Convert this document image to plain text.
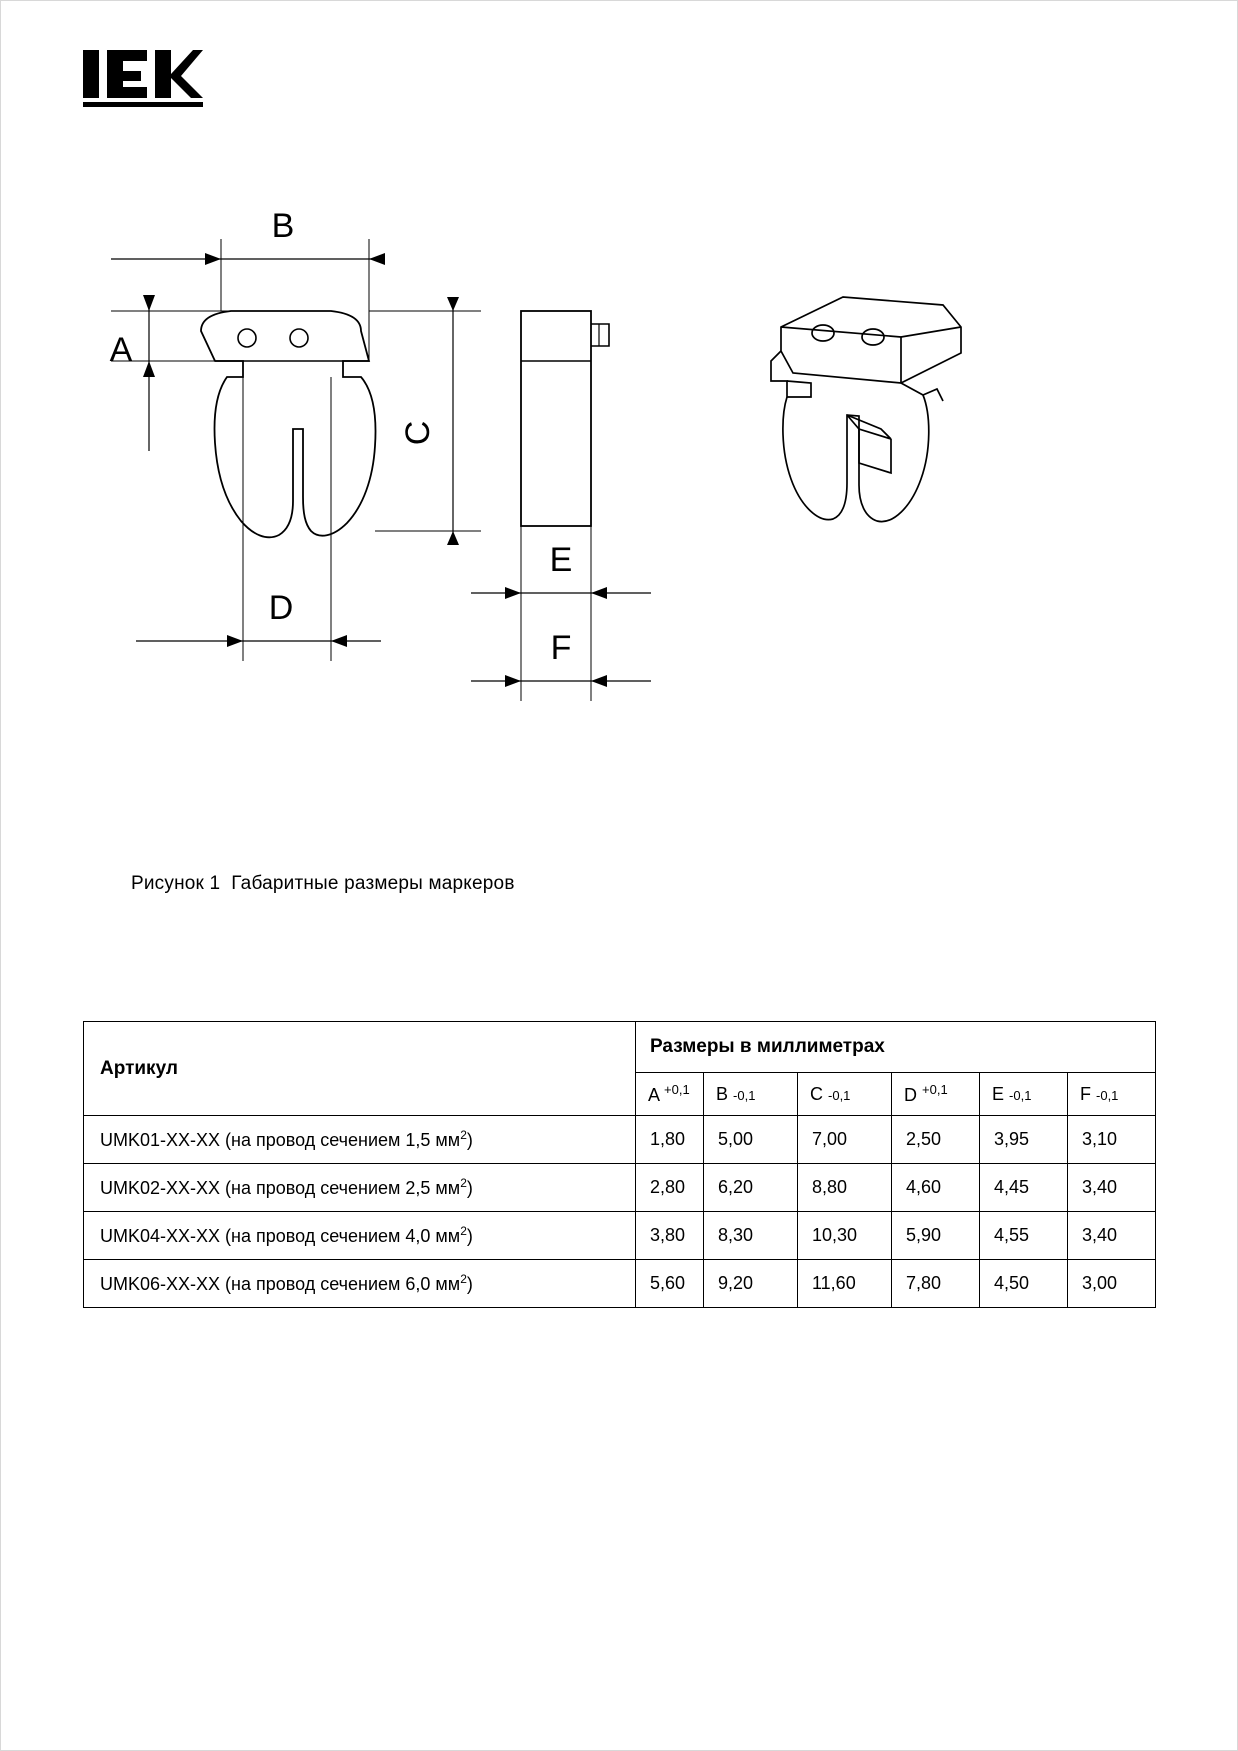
B
A
C
D
E
F
Рисунок 1  Габаритные размеры маркеров
Артикул	Размеры в миллиметрах					
	A $^{+0,1}$	B -0,1	C -0,1	D $^{+0,1}$	E -0,1	F -0,1
UMK01-XX-XX (на провод сечением 1,5 $мм^2$)	1,80	5,00	7,00	2,50	3,95	3,10
UMK02-XX-XX (на провод сечением 2,5 $мм^2$)	2,80	6,20	8,80	4,60	4,45	3,40
UMK04-XX-XX (на провод сечением 4,0 $мм^2$)	3,80	8,30	10,30	5,90	4,55	3,40
UMK06-XX-XX (на провод сечением 6,0 $мм^2$)	5,60	9,20	11,60	7,80	4,50	3,00
